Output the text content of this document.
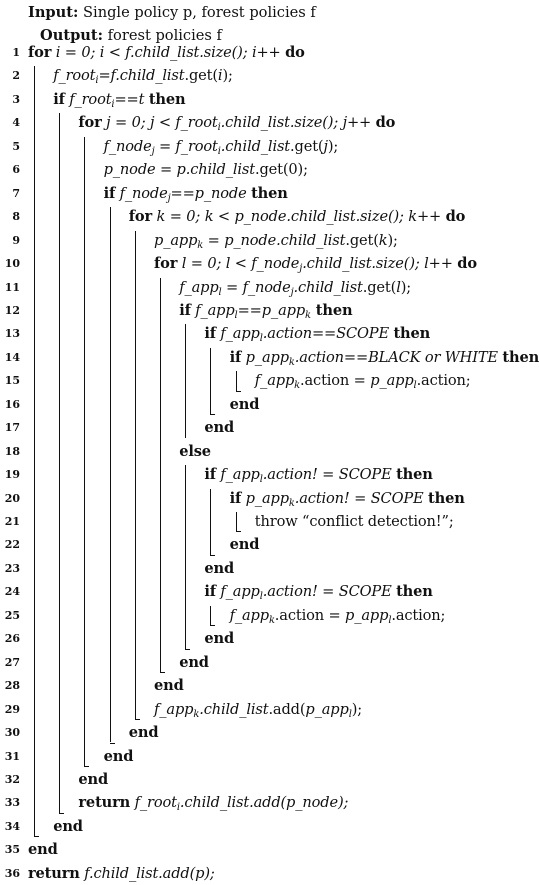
Input: Single policy p, forest policies f
Output: forest policies f
1 for i = 0; i < f.child_list.size(); i++ do
2 f_root$_i$=f.child_list.get(i);
3 if f_root$_i$==t then
4	for j = 0; j < f_root$_i$.child_list.size(); j++ do
5	f_node$_j$ = f_root$_i$.child_list.get(j);
6	p_node = p.child_list.get(0);
7	if f_node$_j$==p_node then
8	for k = 0; k < p_node.child_list.size(); k++ do
9	p_app$_k$ = p_node.child_list.get(k);
10	for l = 0; l < f_node$_j$.child_list.size(); l++ do
11	f_app$_l$ = f_node$_j$.child_list.get(l);
12	if f_app$_l$==p_app$_k$ then
13	if f_app$_l$.action==SCOPE then
14	if p_app$_k$.action==BLACK or WHITE then
15	f_app$_k$.action = p_app$_l$.action;
16	end
17	end
18	else
19	if f_app$_l$.action! = SCOPE then
20	if p_app$_k$.action! = SCOPE then
21	throw “conflict detection!”;
22	end
23	end
24	if f_app$_l$.action! = SCOPE then
25	f_app$_k$.action = p_app$_l$.action;
26	end
27	end
28	end
29	f_app$_k$.child_list.add(p_app$_l$);
30	end
31	end
32	end
33	return f_root$_i$.child_list.add(p_node);
34 end
35 end
36 return f.child_list.add(p);
